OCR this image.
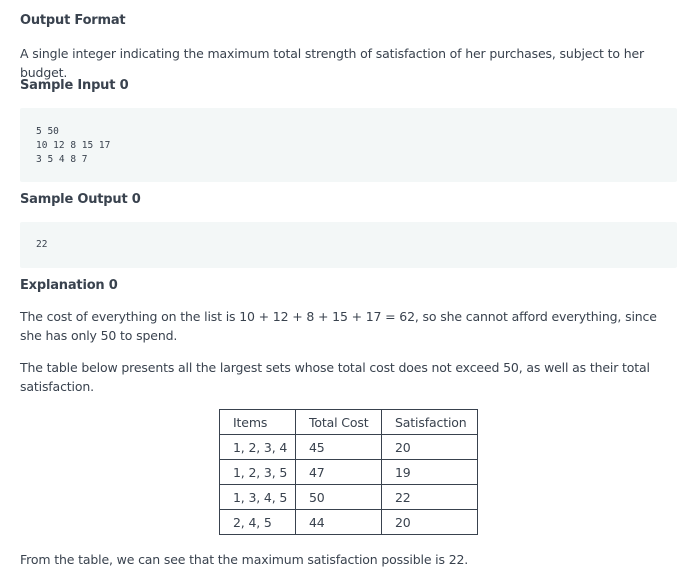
Output Format

A single integer indicating the maximum total strength of satisfaction of her purchases, subject to her budget.

Sample Input 0
5 50
10 12 8 15 17
3 5 4 8 7
Sample Output 0
22
Explanation 0

The cost of everything on the list is 10 + 12 + 8 + 15 + 17 = 62, so she cannot afford everything, since she has only 50 to spend.

The table below presents all the largest sets whose total cost does not exceed 50, as well as their total satisfaction.

From the table, we can see that the maximum satisfaction possible is 22.

Items	Total Cost	Satisfaction
1, 2, 3, 4	45	20
1, 2, 3, 5	47	19
1, 3, 4, 5	50	22
2, 4, 5	44	20
